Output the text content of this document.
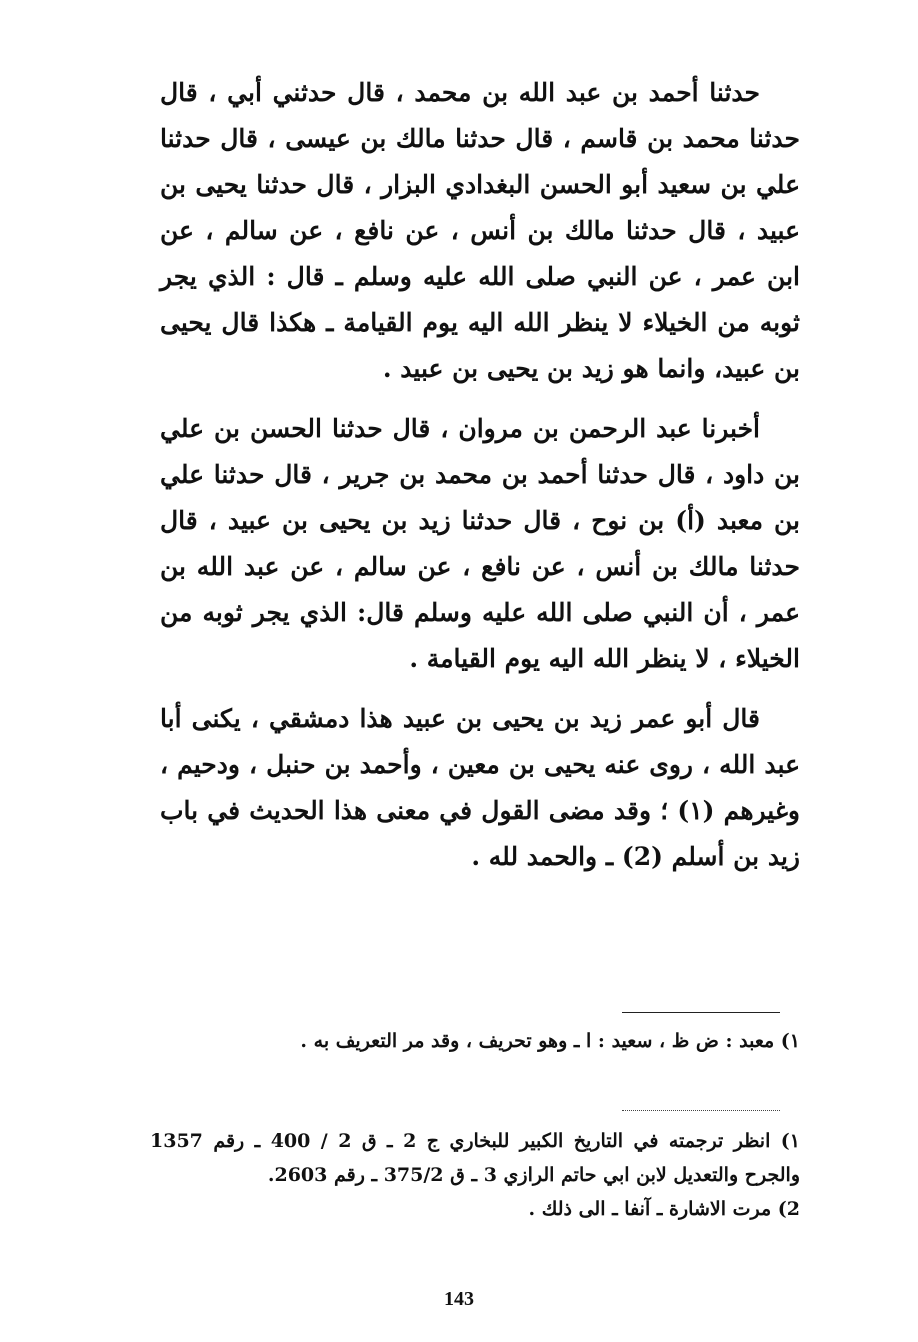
حدثنا أحمد بن عبد الله بن محمد ، قال حدثني أبي ، قال حدثنا محمد بن قاسم ، قال حدثنا مالك بن عيسى ، قال حدثنا علي بن سعيد أبو الحسن البغدادي البزار ، قال حدثنا يحيى بن عبيد ، قال حدثنا مالك بن أنس ، عن نافع ، عن سالم ، عن ابن عمر ، عن النبي صلى الله عليه وسلم ـ قال : الذي يجر ثوبه من الخيلاء لا ينظر الله اليه يوم القيامة ـ هكذا قال يحيى بن عبيد، وانما هو زيد بن يحيى بن عبيد .

أخبرنا عبد الرحمن بن مروان ، قال حدثنا الحسن بن علي بن داود ، قال حدثنا أحمد بن محمد بن جرير ، قال حدثنا علي بن معبد (أ) بن نوح ، قال حدثنا زيد بن يحيى بن عبيد ، قال حدثنا مالك بن أنس ، عن نافع ، عن سالم ، عن عبد الله بن عمر ، أن النبي صلى الله عليه وسلم قال: الذي يجر ثوبه من الخيلاء ، لا ينظر الله اليه يوم القيامة .

قال أبو عمر زيد بن يحيى بن عبيد هذا دمشقي ، يكنى أبا عبد الله ، روى عنه يحيى بن معين ، وأحمد بن حنبل ، ودحيم ، وغيرهم (١) ؛ وقد مضى القول في معنى هذا الحديث في باب زيد بن أسلم (2) ـ والحمد لله .

١) معبد : ض ظ ، سعيد : ا ـ وهو تحريف ، وقد مر التعريف به .

١) انظر ترجمته في التاريخ الكبير للبخاري ج 2 ـ ق 2 / 400 ـ رقم 1357 والجرح والتعديل لابن ابي حاتم الرازي 3 ـ ق 375/2 ـ رقم 2603.

2) مرت الاشارة ـ آنفا ـ الى ذلك .

143
